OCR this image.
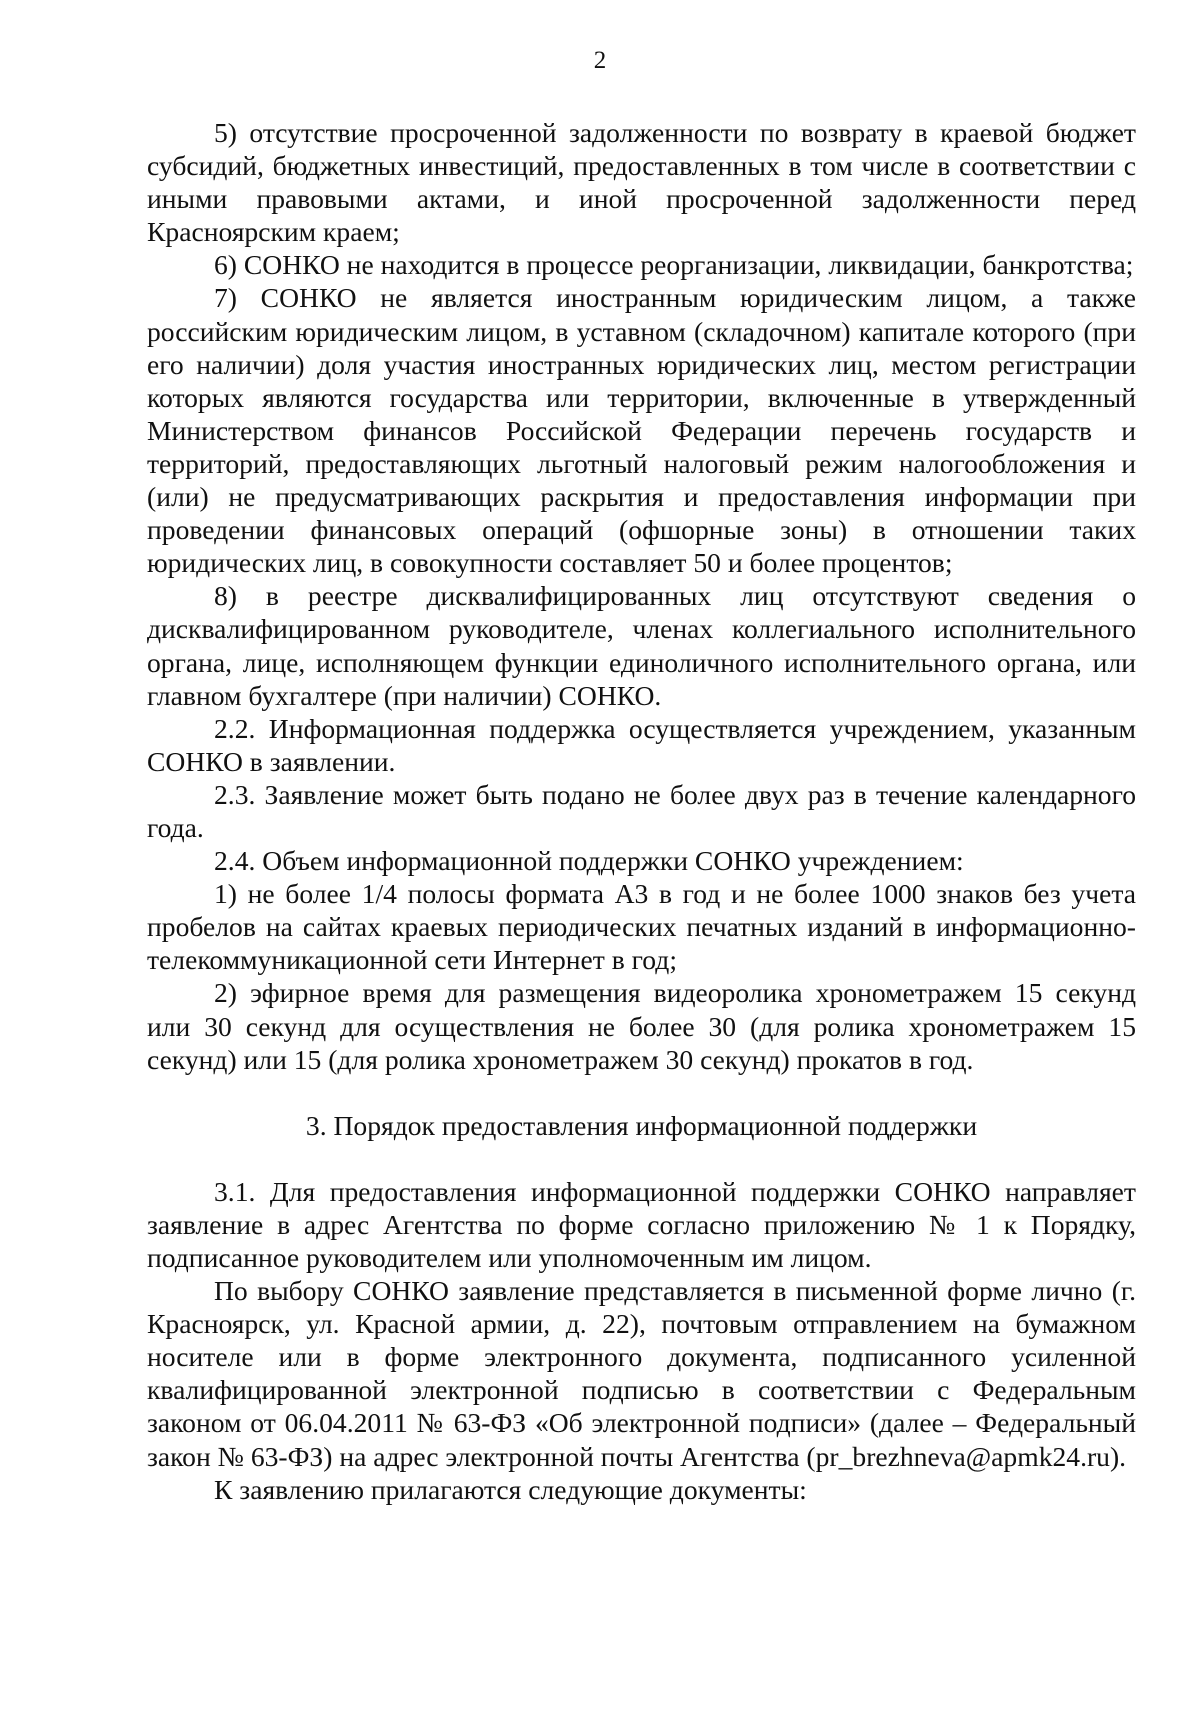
2

5) отсутствие просроченной задолженности по возврату в краевой бюджет субсидий, бюджетных инвестиций, предоставленных в том числе в соответствии с иными правовыми актами, и иной просроченной задолженности перед Красноярским краем;

6) СОНКО не находится в процессе реорганизации, ликвидации, банкротства;

7) СОНКО не является иностранным юридическим лицом, а также российским юридическим лицом, в уставном (складочном) капитале которого (при его наличии) доля участия иностранных юридических лиц, местом регистрации которых являются государства или территории, включенные в утвержденный Министерством финансов Российской Федерации перечень государств и территорий, предоставляющих льготный налоговый режим налогообложения и (или) не предусматривающих раскрытия и предоставления информации при проведении финансовых операций (офшорные зоны) в отношении таких юридических лиц, в совокупности составляет 50 и более процентов;

8) в реестре дисквалифицированных лиц отсутствуют сведения о дисквалифицированном руководителе, членах коллегиального исполнительного органа, лице, исполняющем функции единоличного исполнительного органа, или главном бухгалтере (при наличии) СОНКО.

2.2. Информационная поддержка осуществляется учреждением, указанным СОНКО в заявлении.

2.3. Заявление может быть подано не более двух раз в течение календарного года.

2.4. Объем информационной поддержки СОНКО учреждением:

1) не более 1/4 полосы формата А3 в год и не более 1000 знаков без учета пробелов на сайтах краевых периодических печатных изданий в информационно-телекоммуникационной сети Интернет в год;

2) эфирное время для размещения видеоролика хронометражем 15 секунд или 30 секунд для осуществления не более 30 (для ролика хронометражем 15 секунд) или 15 (для ролика хронометражем 30 секунд) прокатов в год.

3. Порядок предоставления информационной поддержки

3.1. Для предоставления информационной поддержки СОНКО направляет заявление в адрес Агентства по форме согласно приложению № 1 к Порядку, подписанное руководителем или уполномоченным им лицом.

По выбору СОНКО заявление представляется в письменной форме лично (г. Красноярск, ул. Красной армии, д. 22), почтовым отправлением на бумажном носителе или в форме электронного документа, подписанного усиленной квалифицированной электронной подписью в соответствии с Федеральным законом от 06.04.2011 № 63-ФЗ «Об электронной подписи» (далее – Федеральный закон № 63-ФЗ) на адрес электронной почты Агентства (pr_brezhneva@apmk24.ru).

К заявлению прилагаются следующие документы:
